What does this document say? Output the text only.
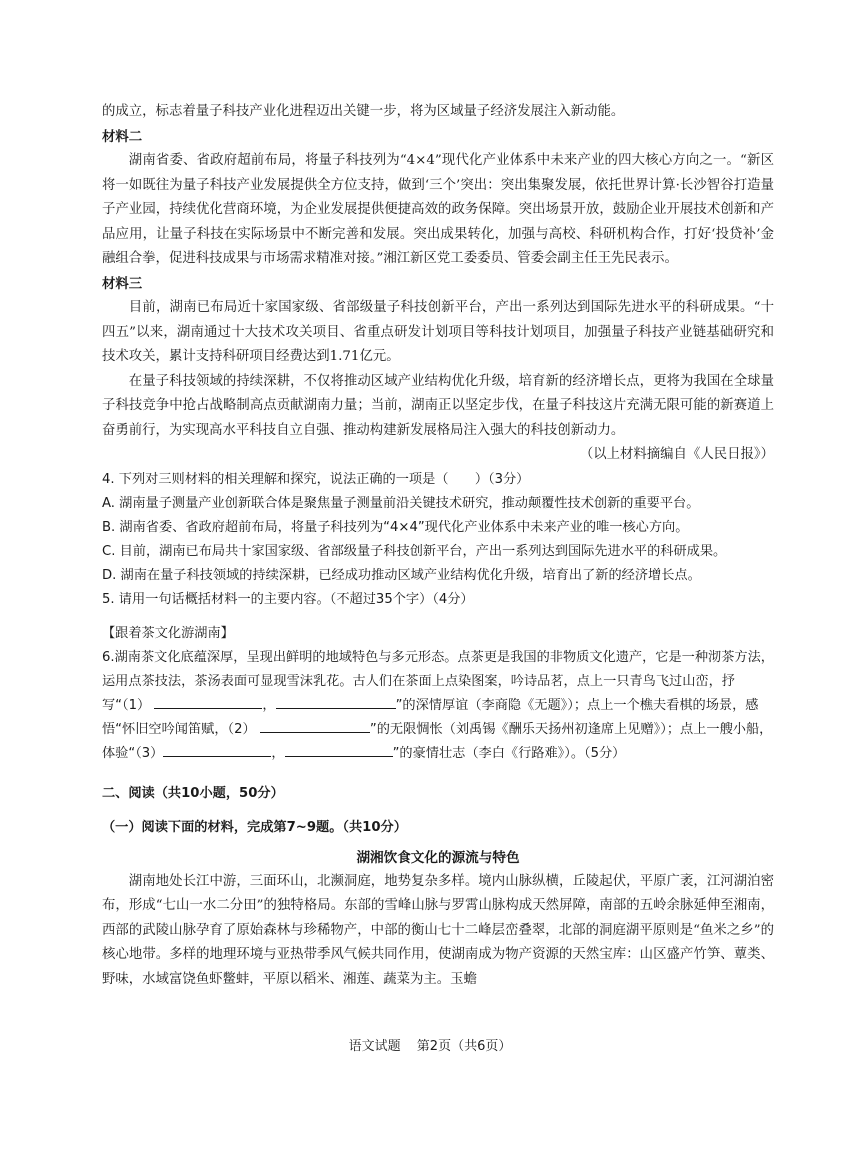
的成立，标志着量子科技产业化进程迈出关键一步，将为区域量子经济发展注入新动能。

材料二

湖南省委、省政府超前布局，将量子科技列为“4×4”现代化产业体系中未来产业的四大核心方向之一。“新区将一如既往为量子科技产业发展提供全方位支持，做到‘三个’突出：突出集聚发展，依托世界计算·长沙智谷打造量子产业园，持续优化营商环境，为企业发展提供便捷高效的政务保障。突出场景开放，鼓励企业开展技术创新和产品应用，让量子科技在实际场景中不断完善和发展。突出成果转化，加强与高校、科研机构合作，打好‘投贷补’金融组合拳，促进科技成果与市场需求精准对接。”湘江新区党工委委员、管委会副主任王先民表示。

材料三

目前，湖南已布局近十家国家级、省部级量子科技创新平台，产出一系列达到国际先进水平的科研成果。“十四五”以来，湖南通过十大技术攻关项目、省重点研发计划项目等科技计划项目，加强量子科技产业链基础研究和技术攻关，累计支持科研项目经费达到1.71亿元。

在量子科技领域的持续深耕，不仅将推动区域产业结构优化升级，培育新的经济增长点，更将为我国在全球量子科技竞争中抢占战略制高点贡献湖南力量；当前，湖南正以坚定步伐，在量子科技这片充满无限可能的新赛道上奋勇前行，为实现高水平科技自立自强、推动构建新发展格局注入强大的科技创新动力。

（以上材料摘编自《人民日报》）

4. 下列对三则材料的相关理解和探究，说法正确的一项是（　　）（3分）

A. 湖南量子测量产业创新联合体是聚焦量子测量前沿关键技术研究，推动颠覆性技术创新的重要平台。

B. 湖南省委、省政府超前布局，将量子科技列为“4×4”现代化产业体系中未来产业的唯一核心方向。

C. 目前，湖南已布局共十家国家级、省部级量子科技创新平台，产出一系列达到国际先进水平的科研成果。

D. 湖南在量子科技领域的持续深耕，已经成功推动区域产业结构优化升级，培育出了新的经济增长点。

5. 请用一句话概括材料一的主要内容。（不超过35个字）（4分）

【跟着茶文化游湖南】

6.湖南茶文化底蕴深厚，呈现出鲜明的地域特色与多元形态。点茶更是我国的非物质文化遗产，它是一种沏茶方法，运用点茶技法，茶汤表面可显现雪沫乳花。古人们在茶面上点染图案，吟诗品茗，点上一只青鸟飞过山峦，抒写“（1）	，	”的深情厚谊（李商隐《无题》）；点上一个樵夫看棋的场景，感悟“怀旧空吟闻笛赋，（2）	”的无限惆怅（刘禹锡《酬乐天扬州初逢席上见赠》）；点上一艘小船，体验“（3）	，	”的豪情壮志（李白《行路难》）。（5分）

二、阅读（共10小题，50分）

（一）阅读下面的材料，完成第7~9题。（共10分）

湖湘饮食文化的源流与特色

湖南地处长江中游，三面环山，北濒洞庭，地势复杂多样。境内山脉纵横，丘陵起伏，平原广袤，江河湖泊密布，形成“七山一水二分田”的独特格局。东部的雪峰山脉与罗霄山脉构成天然屏障，南部的五岭余脉延伸至湘南，西部的武陵山脉孕育了原始森林与珍稀物产，中部的衡山七十二峰层峦叠翠，北部的洞庭湖平原则是“鱼米之乡”的核心地带。多样的地理环境与亚热带季风气候共同作用，使湖南成为物产资源的天然宝库：山区盛产竹笋、蕈类、野味，水域富饶鱼虾鳖蚌，平原以稻米、湘莲、蔬菜为主。玉蟾

语文试题 第2页（共6页）
